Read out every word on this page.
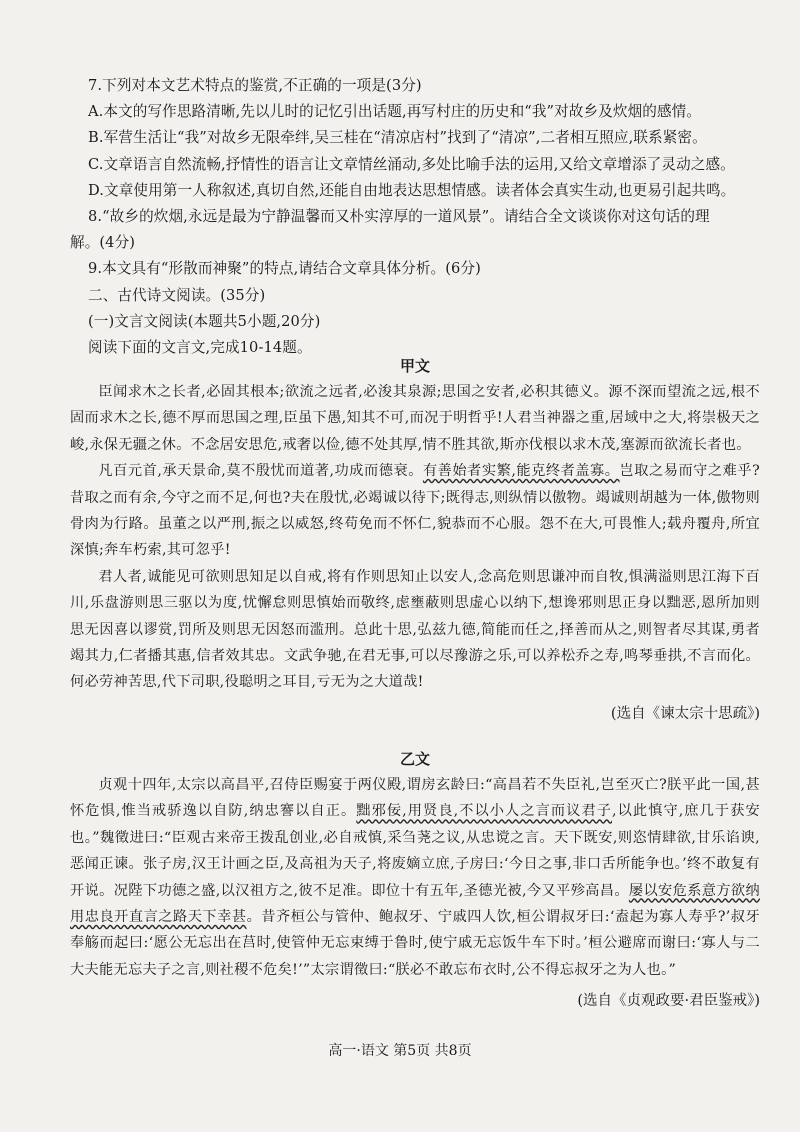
7.下列对本文艺术特点的鉴赏,不正确的一项是(3分)
A.本文的写作思路清晰,先以儿时的记忆引出话题,再写村庄的历史和“我”对故乡及炊烟的感情。
B.军营生活让“我”对故乡无限牵绊,吴三桂在“清凉店村”找到了“清凉”,二者相互照应,联系紧密。
C.文章语言自然流畅,抒情性的语言让文章情丝涌动,多处比喻手法的运用,又给文章增添了灵动之感。
D.文章使用第一人称叙述,真切自然,还能自由地表达思想情感。读者体会真实生动,也更易引起共鸣。
8.“故乡的炊烟,永远是最为宁静温馨而又朴实淳厚的一道风景”。请结合全文谈谈你对这句话的理
解。(4分)
9.本文具有“形散而神聚”的特点,请结合文章具体分析。(6分)
二、古代诗文阅读。(35分)
(一)文言文阅读(本题共5小题,20分)
阅读下面的文言文,完成10-14题。
甲文

臣闻求木之长者,必固其根本;欲流之远者,必浚其泉源;思国之安者,必积其德义。源不深而望流之远,根不固而求木之长,德不厚而思国之理,臣虽下愚,知其不可,而况于明哲乎!人君当神器之重,居域中之大,将崇极天之峻,永保无疆之休。不念居安思危,戒奢以俭,德不处其厚,情不胜其欲,斯亦伐根以求木茂,塞源而欲流长者也。

凡百元首,承天景命,莫不殷忧而道著,功成而德衰。有善始者实繁,能克终者盖寡。岂取之易而守之难乎?昔取之而有余,今守之而不足,何也?夫在殷忧,必竭诚以待下;既得志,则纵情以傲物。竭诚则胡越为一体,傲物则骨肉为行路。虽董之以严刑,振之以威怒,终苟免而不怀仁,貌恭而不心服。怨不在大,可畏惟人;载舟覆舟,所宜深慎;奔车朽索,其可忽乎!

君人者,诚能见可欲则思知足以自戒,将有作则思知止以安人,念高危则思谦冲而自牧,惧满溢则思江海下百川,乐盘游则思三驱以为度,忧懈怠则思慎始而敬终,虑壅蔽则思虚心以纳下,想谗邪则思正身以黜恶,恩所加则思无因喜以谬赏,罚所及则思无因怒而滥刑。总此十思,弘兹九德,简能而任之,择善而从之,则智者尽其谋,勇者竭其力,仁者播其惠,信者效其忠。文武争驰,在君无事,可以尽豫游之乐,可以养松乔之寿,鸣琴垂拱,不言而化。何必劳神苦思,代下司职,役聪明之耳目,亏无为之大道哉!

(选自《谏太宗十思疏》)
乙文

贞观十四年,太宗以高昌平,召侍臣赐宴于两仪殿,谓房玄龄曰:“高昌若不失臣礼,岂至灭亡?朕平此一国,甚怀危惧,惟当戒骄逸以自防,纳忠謇以自正。黜邪佞,用贤良,不以小人之言而议君子,以此慎守,庶几于获安也。”魏徵进曰:“臣观古来帝王拨乱创业,必自戒慎,采刍荛之议,从忠谠之言。天下既安,则恣情肆欲,甘乐谄谀,恶闻正谏。张子房,汉王计画之臣,及高祖为天子,将废嫡立庶,子房曰:‘今日之事,非口舌所能争也。’终不敢复有开说。况陛下功德之盛,以汉祖方之,彼不足准。即位十有五年,圣德光被,今又平殄高昌。屡以安危系意方欲纳用忠良开直言之路天下幸甚。昔齐桓公与管仲、鲍叔牙、宁戚四人饮,桓公谓叔牙曰:‘盍起为寡人寿乎?’叔牙奉觞而起曰:‘愿公无忘出在莒时,使管仲无忘束缚于鲁时,使宁戚无忘饭牛车下时。’桓公避席而谢曰:‘寡人与二大夫能无忘夫子之言,则社稷不危矣!’”太宗谓徵曰:“朕必不敢忘布衣时,公不得忘叔牙之为人也。”

(选自《贞观政要·君臣鉴戒》)
高一·语文 第5页 共8页
